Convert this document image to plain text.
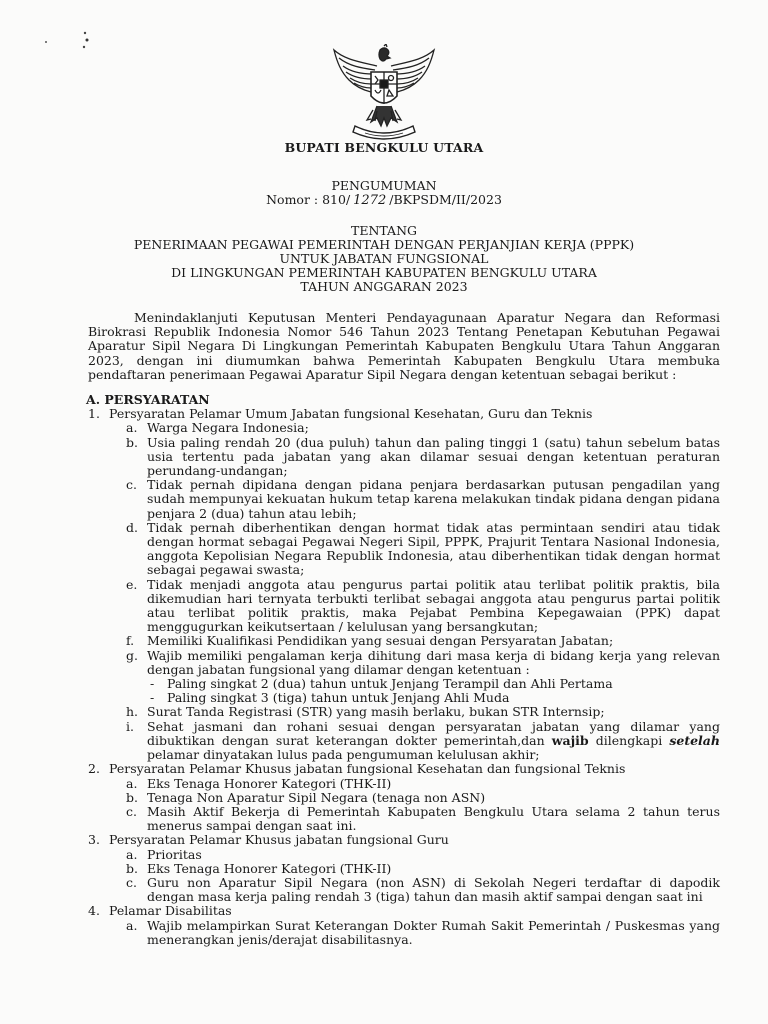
BUPATI BENGKULU UTARA
PENGUMUMAN
Nomor : 810/ 1272 /BKPSDM/II/2023
TENTANG
PENERIMAAN PEGAWAI PEMERINTAH DENGAN PERJANJIAN KERJA (PPPK)
UNTUK JABATAN FUNGSIONAL
DI LINGKUNGAN PEMERINTAH KABUPATEN BENGKULU UTARA
TAHUN ANGGARAN 2023

Menindaklanjuti Keputusan Menteri Pendayagunaan Aparatur Negara dan Reformasi Birokrasi Republik Indonesia Nomor 546 Tahun 2023 Tentang Penetapan Kebutuhan Pegawai Aparatur Sipil Negara Di Lingkungan Pemerintah Kabupaten Bengkulu Utara Tahun Anggaran 2023, dengan ini diumumkan bahwa Pemerintah Kabupaten Bengkulu Utara membuka pendaftaran penerimaan Pegawai Aparatur Sipil Negara dengan ketentuan sebagai berikut :

A. PERSYARATAN
1. Persyaratan Pelamar Umum Jabatan fungsional Kesehatan, Guru dan Teknis
a. Warga Negara Indonesia;
b. Usia paling rendah 20 (dua puluh) tahun dan paling tinggi 1 (satu) tahun sebelum batas usia tertentu pada jabatan yang akan dilamar sesuai dengan ketentuan peraturan perundang-undangan;
c. Tidak pernah dipidana dengan pidana penjara berdasarkan putusan pengadilan yang sudah mempunyai kekuatan hukum tetap karena melakukan tindak pidana dengan pidana penjara 2 (dua) tahun atau lebih;
d. Tidak pernah diberhentikan dengan hormat tidak atas permintaan sendiri atau tidak dengan hormat sebagai Pegawai Negeri Sipil, PPPK, Prajurit Tentara Nasional Indonesia, anggota Kepolisian Negara Republik Indonesia, atau diberhentikan tidak dengan hormat sebagai pegawai swasta;
e. Tidak menjadi anggota atau pengurus partai politik atau terlibat politik praktis, bila dikemudian hari ternyata terbukti terlibat sebagai anggota atau pengurus partai politik atau terlibat politik praktis, maka Pejabat Pembina Kepegawaian (PPK) dapat menggugurkan keikutsertaan / kelulusan yang bersangkutan;
f. Memiliki Kualifikasi Pendidikan yang sesuai dengan Persyaratan Jabatan;
g. Wajib memiliki pengalaman kerja dihitung dari masa kerja di bidang kerja yang relevan dengan jabatan fungsional yang dilamar dengan ketentuan :
- Paling singkat 2 (dua) tahun untuk Jenjang Terampil dan Ahli Pertama
- Paling singkat 3 (tiga) tahun untuk Jenjang Ahli Muda
h. Surat Tanda Registrasi (STR) yang masih berlaku, bukan STR Internsip;
i. Sehat jasmani dan rohani sesuai dengan persyaratan jabatan yang dilamar yang dibuktikan dengan surat keterangan dokter pemerintah,dan wajib dilengkapi setelah pelamar dinyatakan lulus pada pengumuman kelulusan akhir;
2. Persyaratan Pelamar Khusus jabatan fungsional Kesehatan dan fungsional Teknis
a. Eks Tenaga Honorer Kategori (THK-II)
b. Tenaga Non Aparatur Sipil Negara (tenaga non ASN)
c. Masih Aktif Bekerja di Pemerintah Kabupaten Bengkulu Utara selama 2 tahun terus menerus sampai dengan saat ini.
3. Persyaratan Pelamar Khusus jabatan fungsional Guru
a. Prioritas
b. Eks Tenaga Honorer Kategori (THK-II)
c. Guru non Aparatur Sipil Negara (non ASN) di Sekolah Negeri terdaftar di dapodik dengan masa kerja paling rendah 3 (tiga) tahun dan masih aktif sampai dengan saat ini
4. Pelamar Disabilitas
a. Wajib melampirkan Surat Keterangan Dokter Rumah Sakit Pemerintah / Puskesmas yang menerangkan jenis/derajat disabilitasnya.
